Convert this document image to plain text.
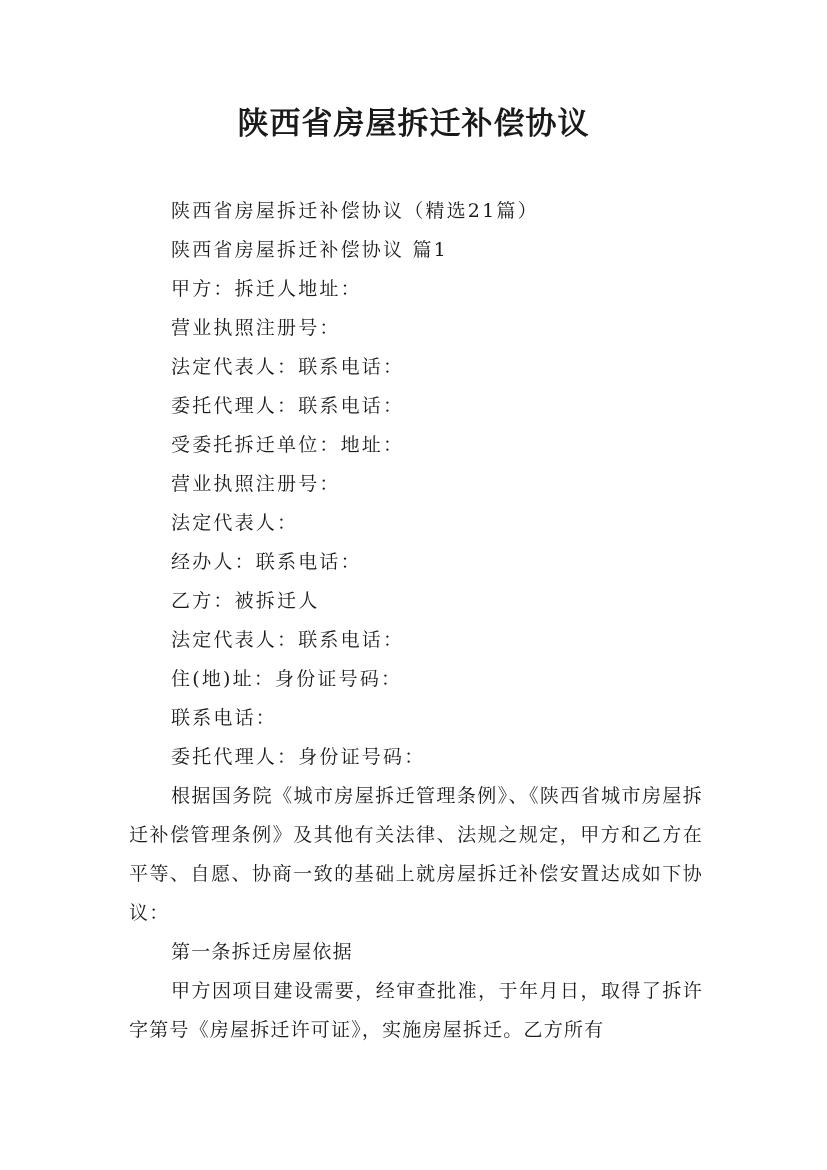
陕西省房屋拆迁补偿协议
陕西省房屋拆迁补偿协议（精选21篇）
陕西省房屋拆迁补偿协议 篇1
甲方：拆迁人地址：
营业执照注册号：
法定代表人：联系电话：
委托代理人：联系电话：
受委托拆迁单位：地址：
营业执照注册号：
法定代表人：
经办人：联系电话：
乙方：被拆迁人
法定代表人：联系电话：
住(地)址：身份证号码：
联系电话：
委托代理人：身份证号码：

根据国务院《城市房屋拆迁管理条例》、《陕西省城市房屋拆迁补偿管理条例》及其他有关法律、法规之规定，甲方和乙方在平等、自愿、协商一致的基础上就房屋拆迁补偿安置达成如下协议：

第一条拆迁房屋依据

甲方因项目建设需要，经审查批准，于年月日，取得了拆许字第号《房屋拆迁许可证》，实施房屋拆迁。乙方所有
